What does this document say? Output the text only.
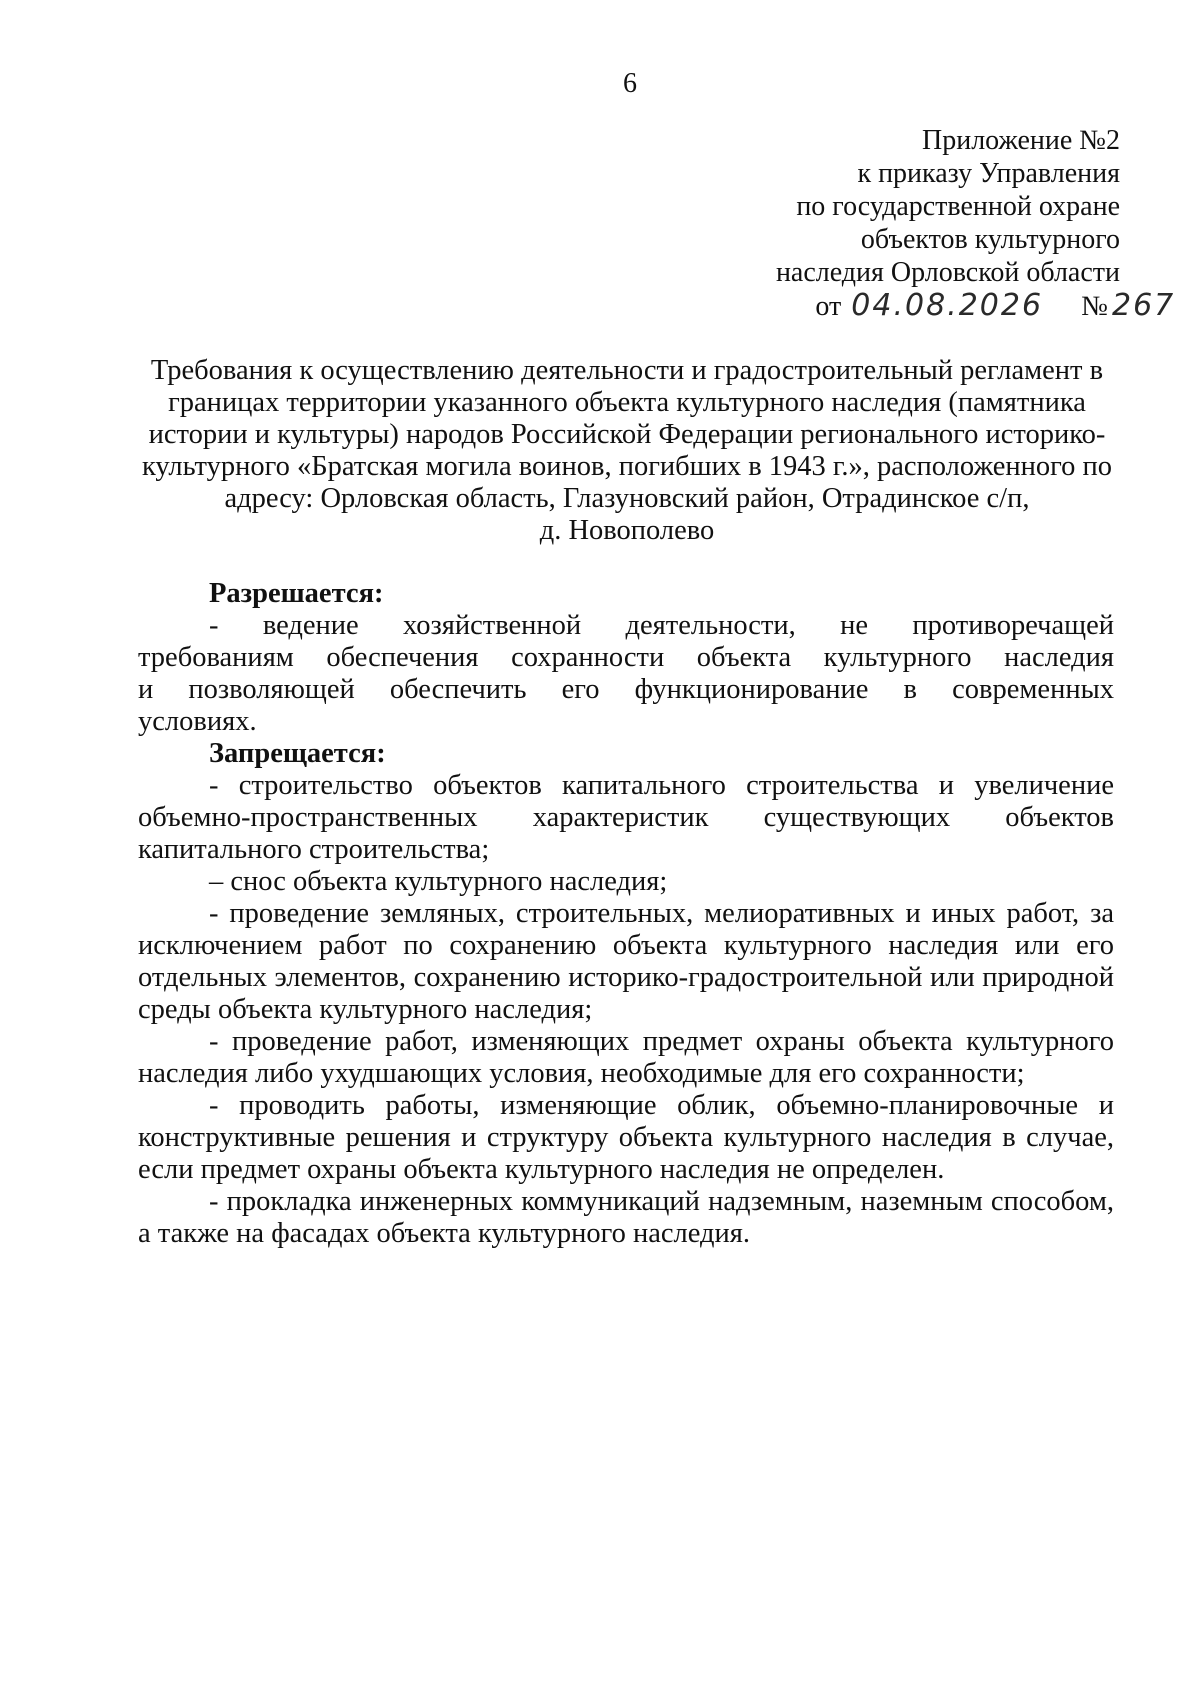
6
Приложение №2
к приказу Управления
по государственной охране
объектов культурного
наследия Орловской области
от 04.08.2026	№ 267
Требования к осуществлению деятельности и градостроительный регламент в
границах территории указанного объекта культурного наследия (памятника
истории и культуры) народов Российской Федерации регионального историко-
культурного «Братская могила воинов, погибших в 1943 г.», расположенного по
адресу: Орловская область, Глазуновский район, Отрадинское с/п,
д. Новополево
Разрешается:

- ведение хозяйственной деятельности, не противоречащей требованиям обеспечения сохранности объекта культурного наследия и позволяющей обеспечить его функционирование в современных условиях.

Запрещается:

- строительство объектов капитального строительства и увеличение объемно-пространственных характеристик существующих объектов капитального строительства;

– снос объекта культурного наследия;

- проведение земляных, строительных, мелиоративных и иных работ, за исключением работ по сохранению объекта культурного наследия или его отдельных элементов, сохранению историко-градостроительной или природной среды объекта культурного наследия;

- проведение работ, изменяющих предмет охраны объекта культурного наследия либо ухудшающих условия, необходимые для его сохранности;

- проводить работы, изменяющие облик, объемно-планировочные и конструктивные решения и структуру объекта культурного наследия в случае, если предмет охраны объекта культурного наследия не определен.

- прокладка инженерных коммуникаций надземным, наземным способом, а также на фасадах объекта культурного наследия.
